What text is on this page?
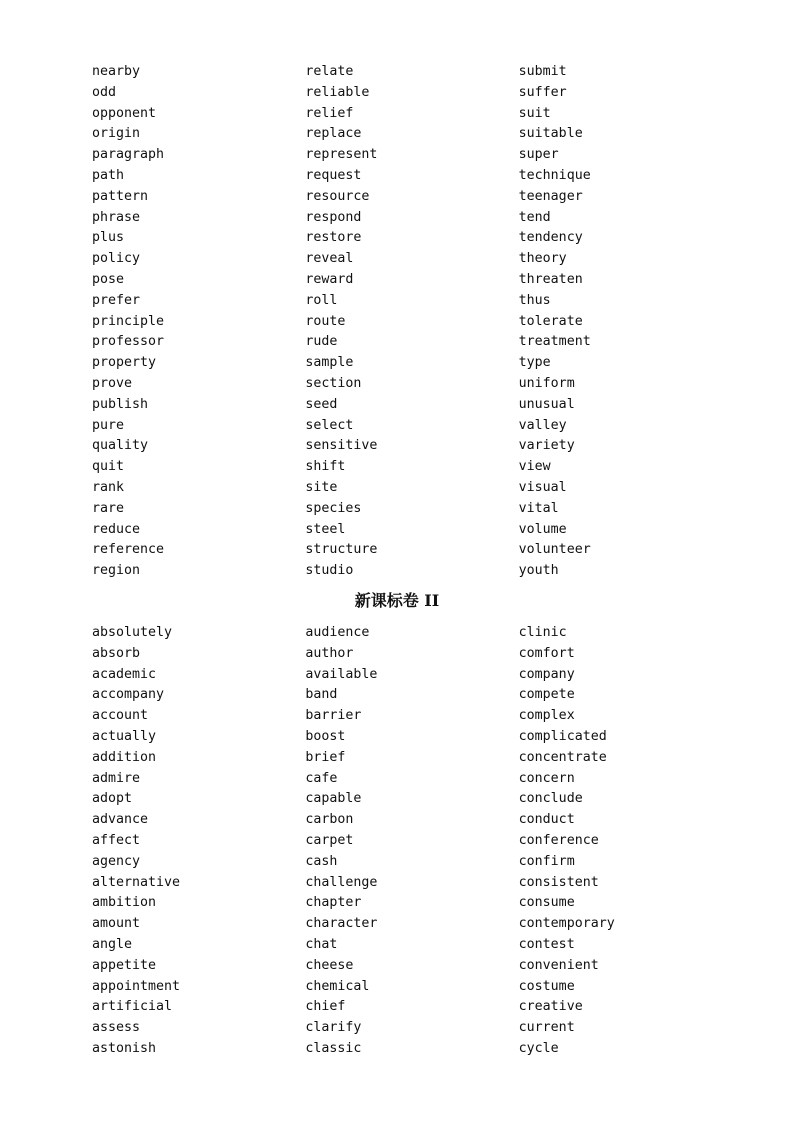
nearby
odd
opponent
origin
paragraph
path
pattern
phrase
plus
policy
pose
prefer
principle
professor
property
prove
publish
pure
quality
quit
rank
rare
reduce
reference
region
relate
reliable
relief
replace
represent
request
resource
respond
restore
reveal
reward
roll
route
rude
sample
section
seed
select
sensitive
shift
site
species
steel
structure
studio
submit
suffer
suit
suitable
super
technique
teenager
tend
tendency
theory
threaten
thus
tolerate
treatment
type
uniform
unusual
valley
variety
view
visual
vital
volume
volunteer
youth
新课标卷 II
absolutely
absorb
academic
accompany
account
actually
addition
admire
adopt
advance
affect
agency
alternative
ambition
amount
angle
appetite
appointment
artificial
assess
astonish
audience
author
available
band
barrier
boost
brief
cafe
capable
carbon
carpet
cash
challenge
chapter
character
chat
cheese
chemical
chief
clarify
classic
clinic
comfort
company
compete
complex
complicated
concentrate
concern
conclude
conduct
conference
confirm
consistent
consume
contemporary
contest
convenient
costume
creative
current
cycle
